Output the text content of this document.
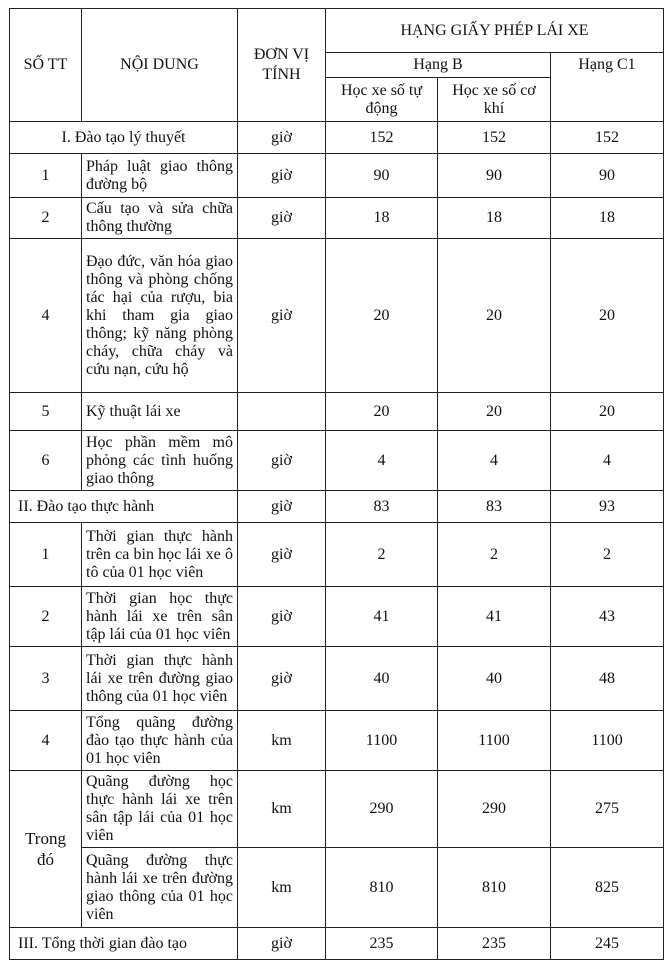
SỐ TT	NỘI DUNG	ĐƠN VỊ TÍNH	HẠNG GIẤY PHÉP LÁI XE		
			Hạng B		Hạng C1
			Học xe số tự động	Học xe số cơ khí	
I. Đào tạo lý thuyết		giờ	152	152	152
1	Pháp luật giao thông đường bộ	giờ	90	90	90
2	Cấu tạo và sửa chữa thông thường	giờ	18	18	18
4	Đạo đức, văn hóa giao thông và phòng chống tác hại của rượu, bia khi tham gia giao thông; kỹ năng phòng cháy, chữa cháy và cứu nạn, cứu hộ	giờ	20	20	20
5	Kỹ thuật lái xe		20	20	20
6	Học phần mềm mô phỏng các tình huống giao thông	giờ	4	4	4
II. Đào tạo thực hành		giờ	83	83	93
1	Thời gian thực hành trên ca bin học lái xe ô tô của 01 học viên	giờ	2	2	2
2	Thời gian học thực hành lái xe trên sân tập lái của 01 học viên	giờ	41	41	43
3	Thời gian thực hành lái xe trên đường giao thông của 01 học viên	giờ	40	40	48
4	Tổng quãng đường đào tạo thực hành của 01 học viên	km	1100	1100	1100
Trong đó	Quãng đường học thực hành lái xe trên sân tập lái của 01 học viên	km	290	290	275
	Quãng đường thực hành lái xe trên đường giao thông của 01 học viên	km	810	810	825
III. Tổng thời gian đào tạo		giờ	235	235	245
